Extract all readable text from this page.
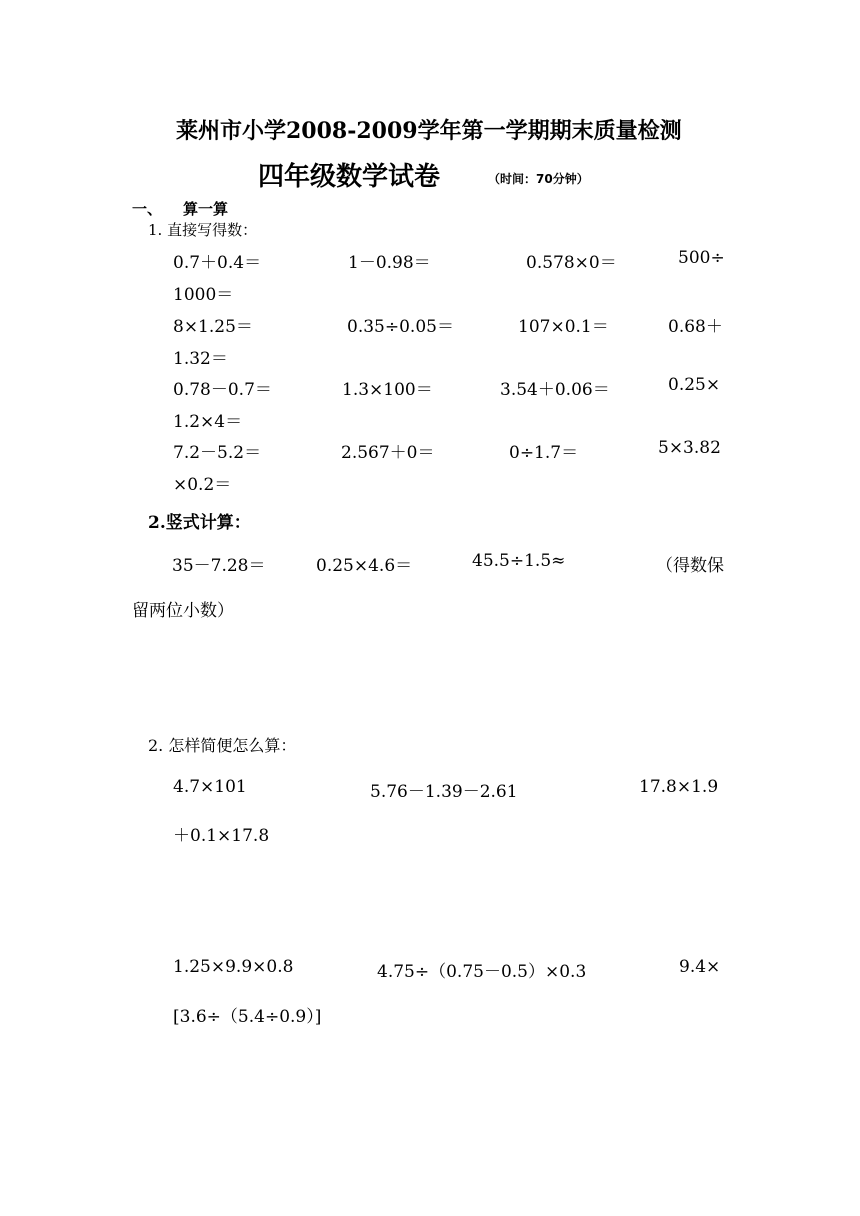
莱州市小学2008-2009学年第一学期期末质量检测
四年级数学试卷	（时间：70分钟）
一、 算一算
1. 直接写得数：
0.7＋0.4＝	1－0.98＝	0.578×0＝	500÷
1000＝
8×1.25＝	0.35÷0.05＝	107×0.1＝	0.68＋
1.32＝
0.78－0.7＝	1.3×100＝	3.54＋0.06＝	0.25×
1.2×4＝
7.2－5.2＝	2.567＋0＝	0÷1.7＝	5×3.82
×0.2＝
2.竖式计算：
35－7.28＝	0.25×4.6＝	45.5÷1.5≈	（得数保
留两位小数）
2. 怎样简便怎么算：
4.7×101	5.76－1.39－2.61	17.8×1.9
＋0.1×17.8
1.25×9.9×0.8	4.75÷（0.75－0.5）×0.3	9.4×
[3.6÷（5.4÷0.9）]
